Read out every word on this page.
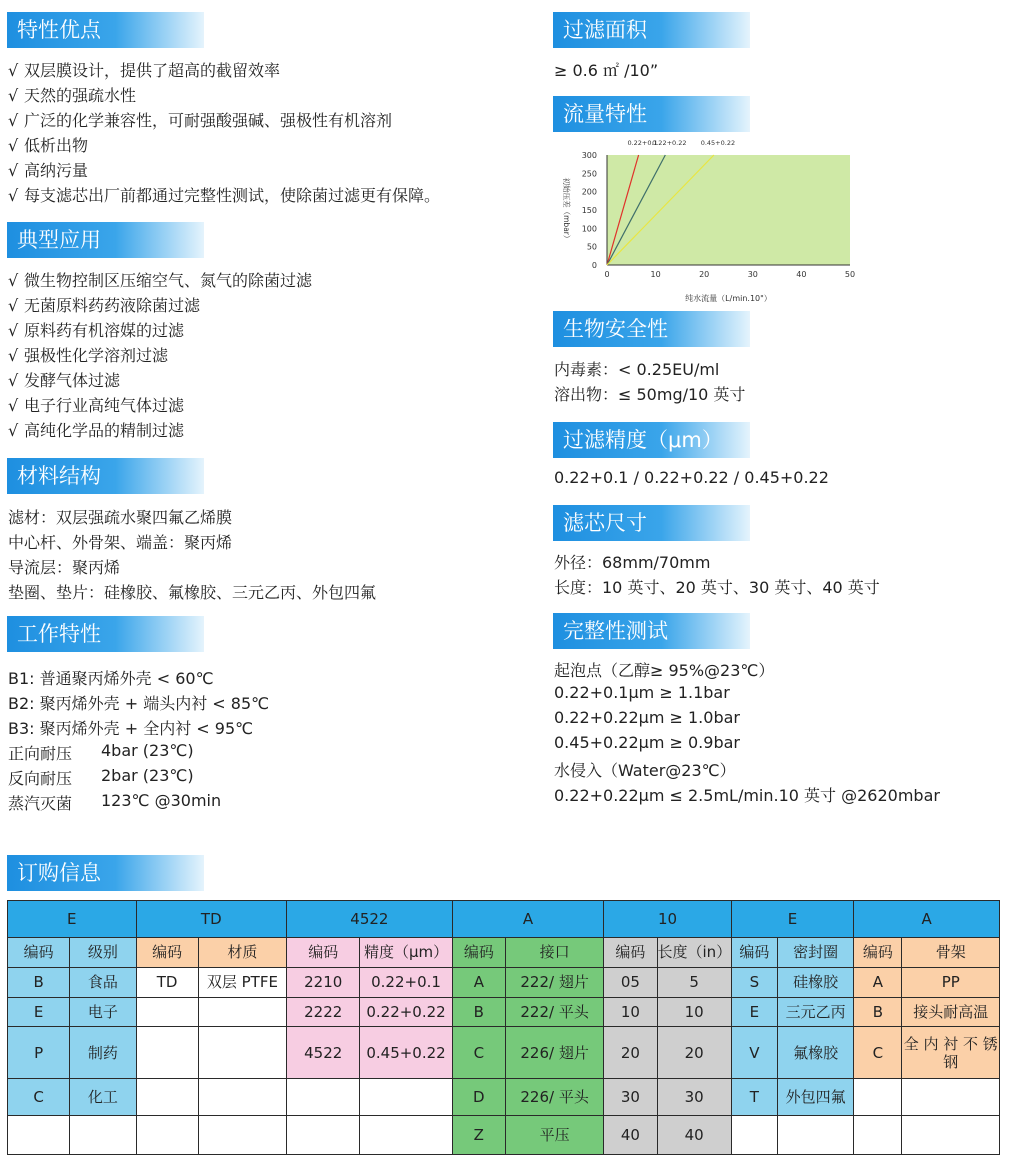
特性优点
√ 双层膜设计，提供了超高的截留效率
√ 天然的强疏水性
√ 广泛的化学兼容性，可耐强酸强碱、强极性有机溶剂
√ 低析出物
√ 高纳污量
√ 每支滤芯出厂前都通过完整性测试，使除菌过滤更有保障。
典型应用
√ 微生物控制区压缩空气、氮气的除菌过滤
√ 无菌原料药药液除菌过滤
√ 原料药有机溶媒的过滤
√ 强极性化学溶剂过滤
√ 发酵气体过滤
√ 电子行业高纯气体过滤
√ 高纯化学品的精制过滤
材料结构
滤材：双层强疏水聚四氟乙烯膜
中心杆、外骨架、端盖：聚丙烯
导流层：聚丙烯
垫圈、垫片：硅橡胶、氟橡胶、三元乙丙、外包四氟
工作特性
B1: 普通聚丙烯外壳 < 60℃
B2: 聚丙烯外壳 + 端头内衬 < 85℃
B3: 聚丙烯外壳 + 全内衬 < 95℃
正向耐压 4bar (23℃)
反向耐压 2bar (23℃)
蒸汽灭菌 123℃ @30min
过滤面积
≥ 0.6 ㎡ /10”
流量特性
0
50
100
150
200
250
300
0	10	20	30	40	50
0.22+0.1
0.22+0.22 0.45+0.22
纯水流量（L/min.10"）
初始压差（mbar）
生物安全性
内毒素：< 0.25EU/ml
溶出物：≤ 50mg/10 英寸
过滤精度（μm）
0.22+0.1 / 0.22+0.22 / 0.45+0.22
滤芯尺寸
外径：68mm/70mm
长度：10 英寸、20 英寸、30 英寸、40 英寸
完整性测试
起泡点（乙醇≥ 95%@23℃）
0.22+0.1μm ≥ 1.1bar
0.22+0.22μm ≥ 1.0bar
0.45+0.22μm ≥ 0.9bar
水侵入（Water@23℃）
0.22+0.22μm ≤ 2.5mL/min.10 英寸 @2620mbar
订购信息
E		TD		4522		A		10		E		A	
编码	级别	编码	材质	编码	精度（μm）	编码	接口	编码	长度（in）	编码	密封圈	编码	骨架
B	食品	TD	双层 PTFE	2210	0.22+0.1	A	222/ 翅片	05	5	S	硅橡胶	A	PP
E	电子			2222	0.22+0.22	B	222/ 平头	10	10	E	三元乙丙	B	接头耐高温
P	制药			4522	0.45+0.22	C	226/ 翅片	20	20	V	氟橡胶	C	全 内 衬 不 锈 钢
C	化工					D	226/ 平头	30	30	T	外包四氟		
						Z	平压	40	40				
